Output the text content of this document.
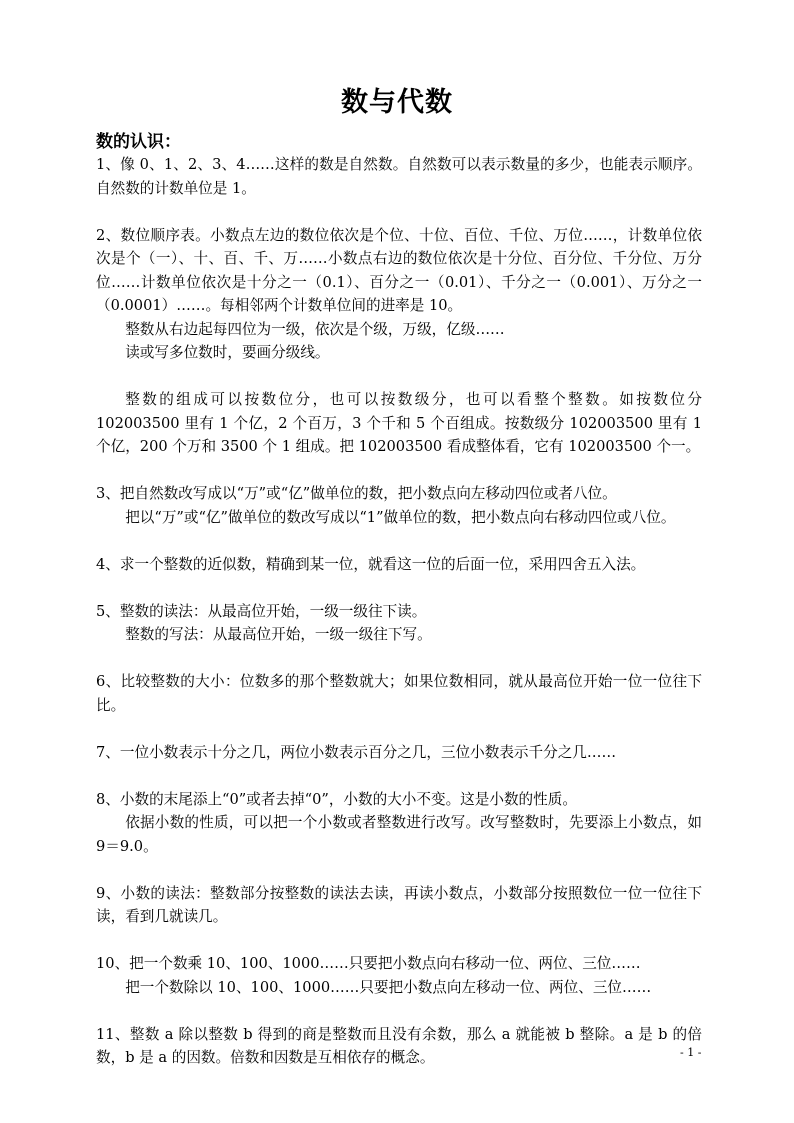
数与代数
数的认识：

1、像 0、1、2、3、4……这样的数是自然数。自然数可以表示数量的多少，也能表示顺序。自然数的计数单位是 1。

2、数位顺序表。小数点左边的数位依次是个位、十位、百位、千位、万位……，计数单位依次是个（一）、十、百、千、万……小数点右边的数位依次是十分位、百分位、千分位、万分位……计数单位依次是十分之一（0.1）、百分之一（0.01）、千分之一（0.001）、万分之一（0.0001）……。每相邻两个计数单位间的进率是 10。

整数从右边起每四位为一级，依次是个级，万级，亿级……

读或写多位数时，要画分级线。

整数的组成可以按数位分，也可以按数级分，也可以看整个整数。如按数位分 102003500 里有 1 个亿，2 个百万，3 个千和 5 个百组成。按数级分 102003500 里有 1 个亿，200 个万和 3500 个 1 组成。把 102003500 看成整体看，它有 102003500 个一。

3、把自然数改写成以“万”或“亿”做单位的数，把小数点向左移动四位或者八位。

把以“万”或“亿”做单位的数改写成以“1”做单位的数，把小数点向右移动四位或八位。

4、求一个整数的近似数，精确到某一位，就看这一位的后面一位，采用四舍五入法。

5、整数的读法：从最高位开始，一级一级往下读。

整数的写法：从最高位开始，一级一级往下写。

6、比较整数的大小：位数多的那个整数就大；如果位数相同，就从最高位开始一位一位往下比。

7、一位小数表示十分之几，两位小数表示百分之几，三位小数表示千分之几……

8、小数的末尾添上“0”或者去掉“0”，小数的大小不变。这是小数的性质。

依据小数的性质，可以把一个小数或者整数进行改写。改写整数时，先要添上小数点，如 9＝9.0。

9、小数的读法：整数部分按整数的读法去读，再读小数点，小数部分按照数位一位一位往下读，看到几就读几。

10、把一个数乘 10、100、1000……只要把小数点向右移动一位、两位、三位……

把一个数除以 10、100、1000……只要把小数点向左移动一位、两位、三位……

11、整数 a 除以整数 b 得到的商是整数而且没有余数，那么 a 就能被 b 整除。a 是 b 的倍数，b 是 a 的因数。倍数和因数是互相依存的概念。	- 1 -
